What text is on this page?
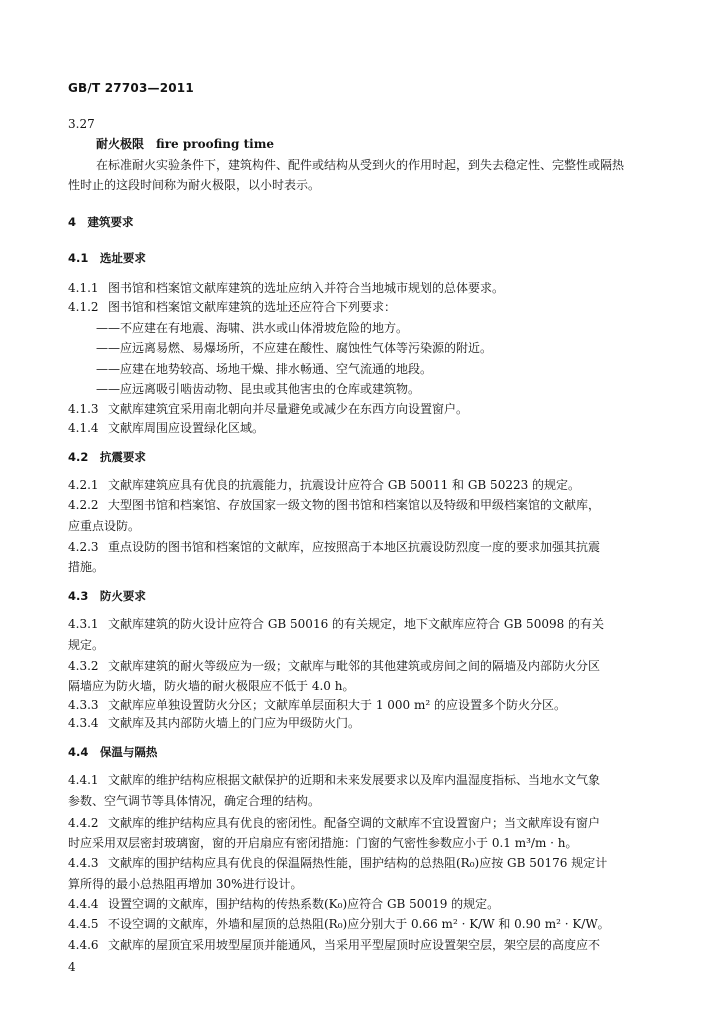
GB/T 27703—2011
3.27
耐火极限　fire proofing time
在标准耐火实验条件下，建筑构件、配件或结构从受到火的作用时起，到失去稳定性、完整性或隔热
性时止的这段时间称为耐火极限，以小时表示。
4　建筑要求
4.1　选址要求
4.1.1 图书馆和档案馆文献库建筑的选址应纳入并符合当地城市规划的总体要求。
4.1.2 图书馆和档案馆文献库建筑的选址还应符合下列要求：
——不应建在有地震、海啸、洪水或山体滑坡危险的地方。
——应远离易燃、易爆场所，不应建在酸性、腐蚀性气体等污染源的附近。
——应建在地势较高、场地干燥、排水畅通、空气流通的地段。
——应远离吸引啮齿动物、昆虫或其他害虫的仓库或建筑物。
4.1.3 文献库建筑宜采用南北朝向并尽量避免或减少在东西方向设置窗户。
4.1.4 文献库周围应设置绿化区域。
4.2　抗震要求
4.2.1 文献库建筑应具有优良的抗震能力，抗震设计应符合 GB 50011 和 GB 50223 的规定。
4.2.2 大型图书馆和档案馆、存放国家一级文物的图书馆和档案馆以及特级和甲级档案馆的文献库，
应重点设防。
4.2.3 重点设防的图书馆和档案馆的文献库，应按照高于本地区抗震设防烈度一度的要求加强其抗震
措施。
4.3　防火要求
4.3.1 文献库建筑的防火设计应符合 GB 50016 的有关规定，地下文献库应符合 GB 50098 的有关
规定。
4.3.2 文献库建筑的耐火等级应为一级；文献库与毗邻的其他建筑或房间之间的隔墙及内部防火分区
隔墙应为防火墙，防火墙的耐火极限应不低于 4.0 h。
4.3.3 文献库应单独设置防火分区；文献库单层面积大于 1 000 m² 的应设置多个防火分区。
4.3.4 文献库及其内部防火墙上的门应为甲级防火门。
4.4　保温与隔热
4.4.1 文献库的维护结构应根据文献保护的近期和未来发展要求以及库内温湿度指标、当地水文气象
参数、空气调节等具体情况，确定合理的结构。
4.4.2 文献库的维护结构应具有优良的密闭性。配备空调的文献库不宜设置窗户；当文献库设有窗户
时应采用双层密封玻璃窗，窗的开启扇应有密闭措施：门窗的气密性参数应小于 0.1 m³/m · h。
4.4.3 文献库的围护结构应具有优良的保温隔热性能，围护结构的总热阻(R₀)应按 GB 50176 规定计
算所得的最小总热阻再增加 30%进行设计。
4.4.4 设置空调的文献库，围护结构的传热系数(K₀)应符合 GB 50019 的规定。
4.4.5 不设空调的文献库，外墙和屋顶的总热阻(R₀)应分别大于 0.66 m² · K/W 和 0.90 m² · K/W。
4.4.6 文献库的屋顶宜采用坡型屋顶并能通风，当采用平型屋顶时应设置架空层，架空层的高度应不
4
